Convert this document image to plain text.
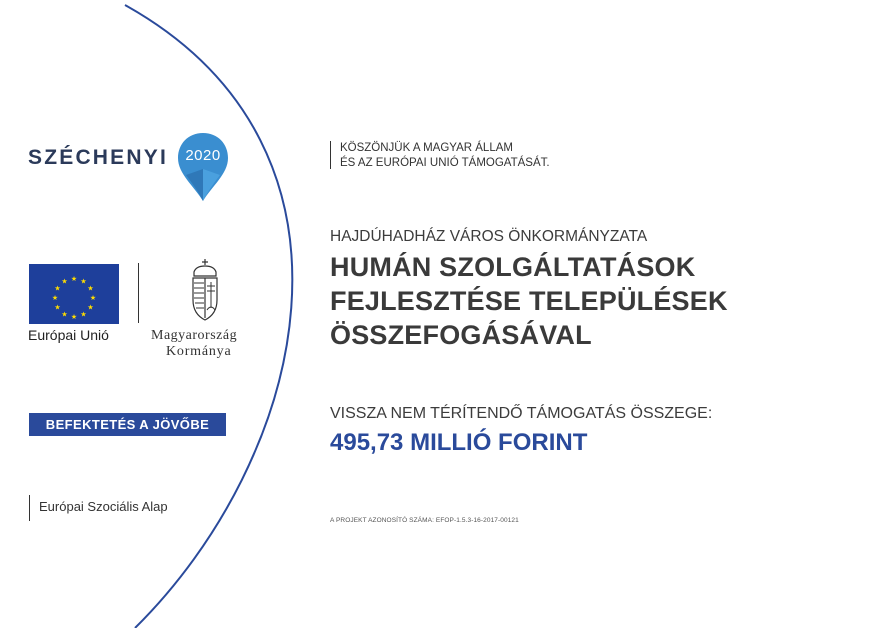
SZÉCHENYI	2020
★ ★
★
★
★
★
★
★
★
★
★
★
Európai Unió	Magyarország
Kormánya
BEFEKTETÉS A JÖVŐBE
Európai Szociális Alap
KÖSZÖNJÜK A MAGYAR ÁLLAM
ÉS AZ EURÓPAI UNIÓ TÁMOGATÁSÁT.
HAJDÚHADHÁZ VÁROS ÖNKORMÁNYZATA
HUMÁN SZOLGÁLTATÁSOK
FEJLESZTÉSE TELEPÜLÉSEK
ÖSSZEFOGÁSÁVAL
VISSZA NEM TÉRÍTENDŐ TÁMOGATÁS ÖSSZEGE:
495,73 MILLIÓ FORINT
A PROJEKT AZONOSÍTÓ SZÁMA: EFOP-1.5.3-16-2017-00121
